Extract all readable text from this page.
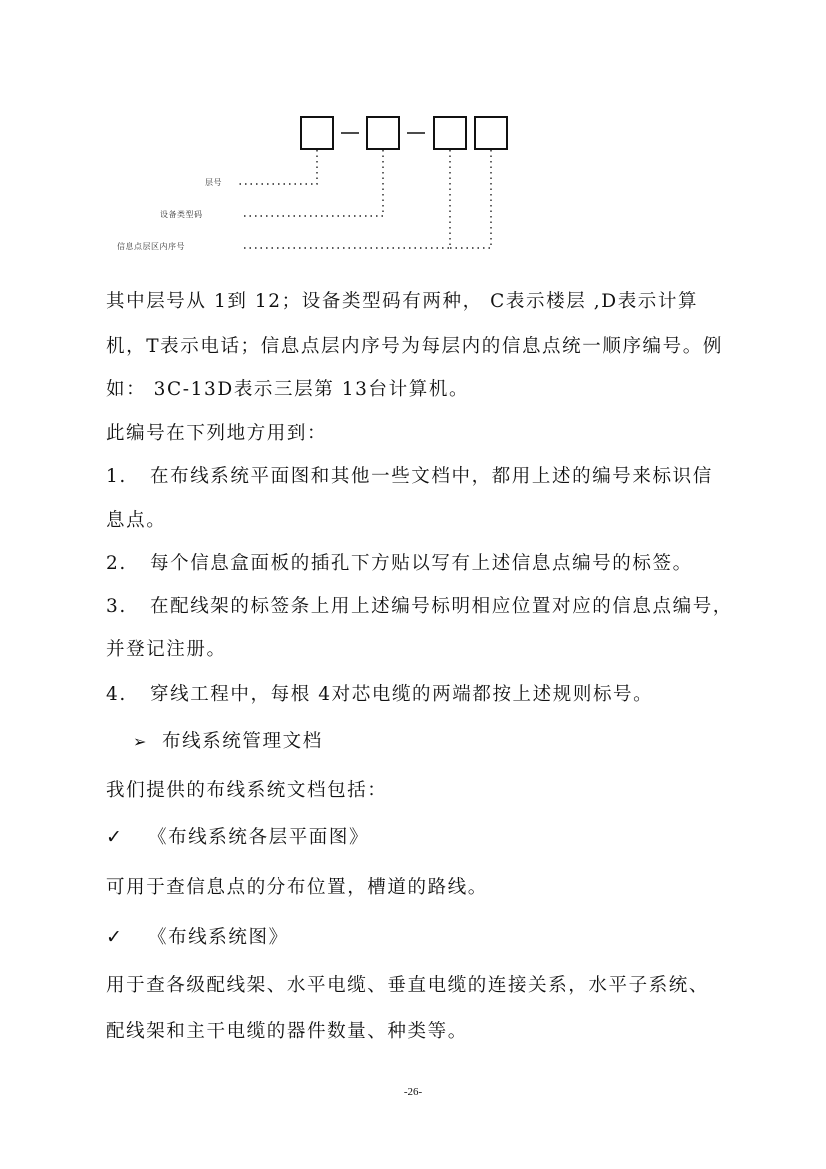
层号
设备类型码
信息点层区内序号
其中层号从 1到 12；设备类型码有两种， C表示楼层 ,D表示计算
机，T表示电话；信息点层内序号为每层内的信息点统一顺序编号。例
如： 3C-13D表示三层第 13台计算机。
此编号在下列地方用到：
1. 在布线系统平面图和其他一些文档中，都用上述的编号来标识信
息点。
2. 每个信息盒面板的插孔下方贴以写有上述信息点编号的标签。
3. 在配线架的标签条上用上述编号标明相应位置对应的信息点编号，
并登记注册。
4. 穿线工程中，每根 4对芯电缆的两端都按上述规则标号。
➢ 布线系统管理文档
我们提供的布线系统文档包括：
✓ 《布线系统各层平面图》
可用于查信息点的分布位置，槽道的路线。
✓ 《布线系统图》
用于查各级配线架、水平电缆、垂直电缆的连接关系，水平子系统、
配线架和主干电缆的器件数量、种类等。
-26-
